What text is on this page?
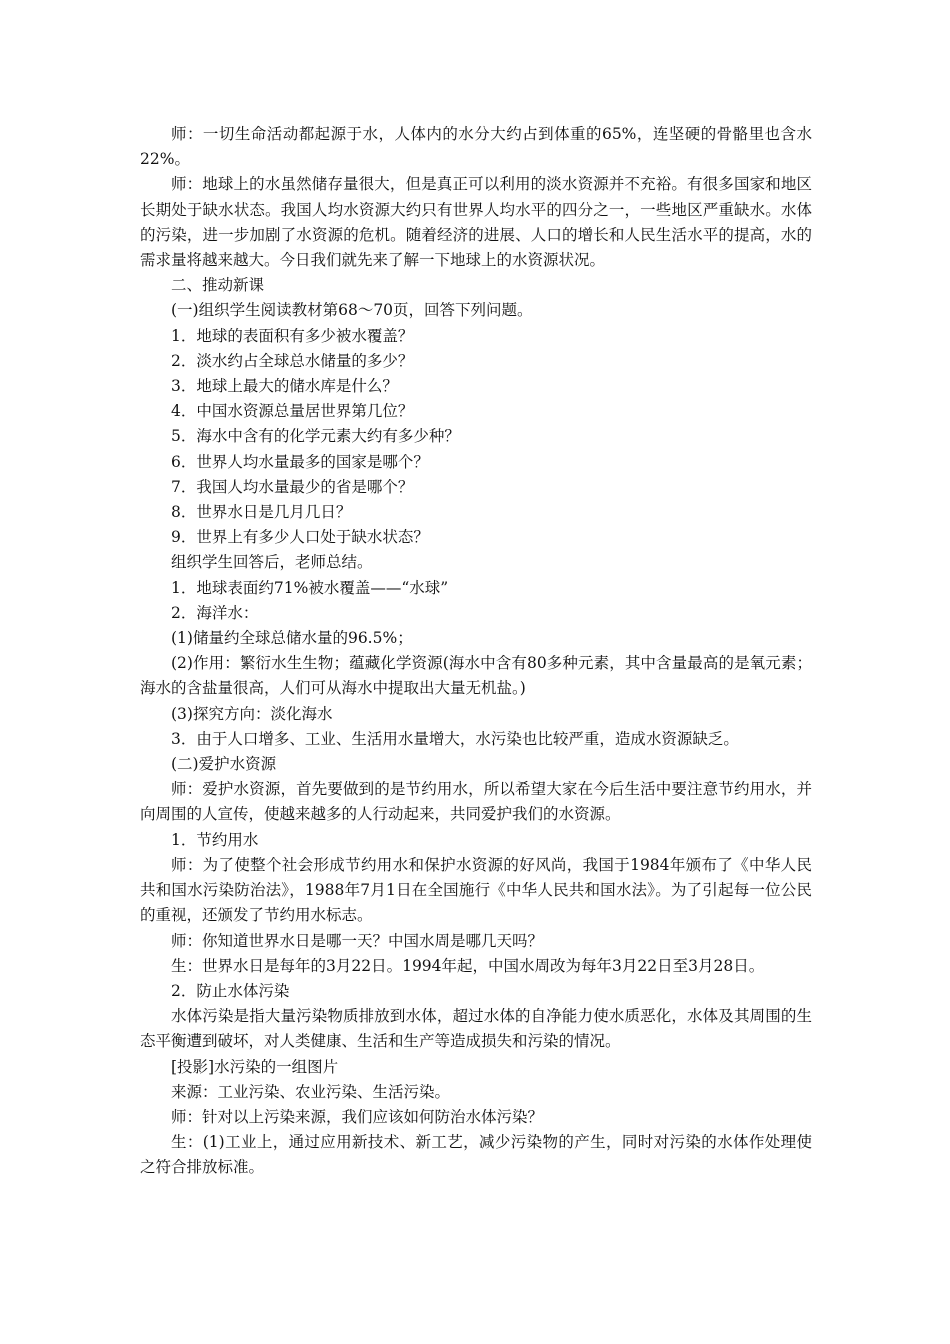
师：一切生命活动都起源于水，人体内的水分大约占到体重的65%，连坚硬的骨骼里也含水22%。

师：地球上的水虽然储存量很大，但是真正可以利用的淡水资源并不充裕。有很多国家和地区长期处于缺水状态。我国人均水资源大约只有世界人均水平的四分之一，一些地区严重缺水。水体的污染，进一步加剧了水资源的危机。随着经济的进展、人口的增长和人民生活水平的提高，水的需求量将越来越大。今日我们就先来了解一下地球上的水资源状况。

二、推动新课

(一)组织学生阅读教材第68～70页，回答下列问题。

1．地球的表面积有多少被水覆盖？

2．淡水约占全球总水储量的多少？

3．地球上最大的储水库是什么？

4．中国水资源总量居世界第几位？

5．海水中含有的化学元素大约有多少种？

6．世界人均水量最多的国家是哪个？

7．我国人均水量最少的省是哪个？

8．世界水日是几月几日？

9．世界上有多少人口处于缺水状态？

组织学生回答后，老师总结。

1．地球表面约71%被水覆盖——“水球”

2．海洋水：

(1)储量约全球总储水量的96.5%；

(2)作用：繁衍水生生物；蕴藏化学资源(海水中含有80多种元素，其中含量最高的是氧元素；海水的含盐量很高，人们可从海水中提取出大量无机盐。)

(3)探究方向：淡化海水

3．由于人口增多、工业、生活用水量增大，水污染也比较严重，造成水资源缺乏。

(二)爱护水资源

师：爱护水资源，首先要做到的是节约用水，所以希望大家在今后生活中要注意节约用水，并向周围的人宣传，使越来越多的人行动起来，共同爱护我们的水资源。

1．节约用水

师：为了使整个社会形成节约用水和保护水资源的好风尚，我国于1984年颁布了《中华人民共和国水污染防治法》，1988年7月1日在全国施行《中华人民共和国水法》。为了引起每一位公民的重视，还颁发了节约用水标志。

师：你知道世界水日是哪一天？中国水周是哪几天吗？

生：世界水日是每年的3月22日。1994年起，中国水周改为每年3月22日至3月28日。

2．防止水体污染

水体污染是指大量污染物质排放到水体，超过水体的自净能力使水质恶化，水体及其周围的生态平衡遭到破坏，对人类健康、生活和生产等造成损失和污染的情况。

[投影]水污染的一组图片

来源：工业污染、农业污染、生活污染。

师：针对以上污染来源，我们应该如何防治水体污染？

生：(1)工业上，通过应用新技术、新工艺，减少污染物的产生，同时对污染的水体作处理使之符合排放标准。
